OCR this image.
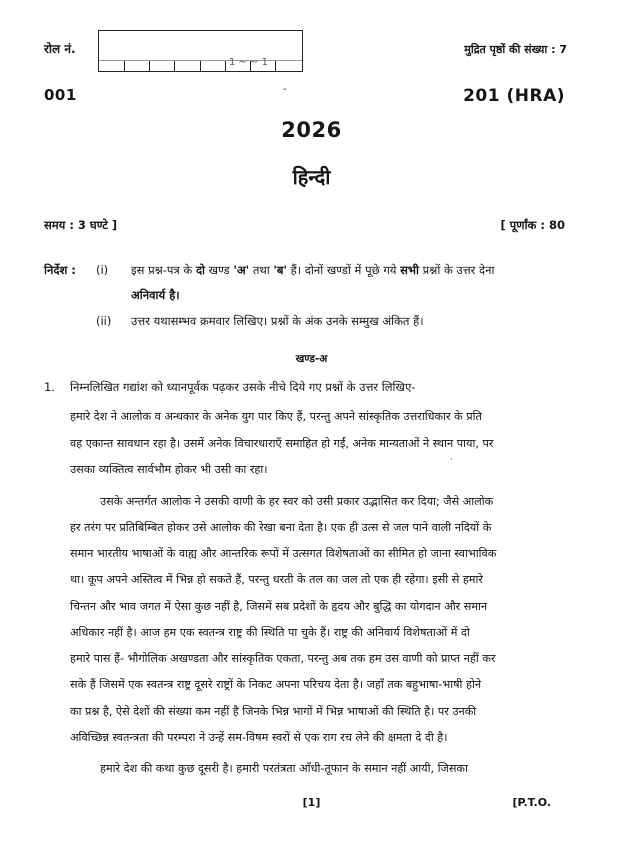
रोल नं.
1 ~ ~ 1
मुद्रित पृष्ठों की संख्या : 7
001	-	201 (HRA)
2026
हिन्दी
समय : 3 घण्टे ]	[ पूर्णांक : 80
निर्देश : (i) इस प्रश्न-पत्र के दो खण्ड 'अ' तथा 'ब' हैं। दोनों खण्डों में पूछे गये सभी प्रश्नों के उत्तर देना
अनिवार्य है।
(ii) उत्तर यथासम्भव क्रमवार लिखिए। प्रश्नों के अंक उनके सम्मुख अंकित हैं।
खण्ड-अ
1. निम्नलिखित गद्यांश को ध्यानपूर्वक पढ़कर उसके नीचे दिये गए प्रश्नों के उत्तर लिखिए-
·
हमारे देश ने आलोक व अन्धकार के अनेक युग पार किए हैं, परन्तु अपने सांस्कृतिक उत्तराधिकार के प्रति
वह एकान्त सावधान रहा है। उसमें अनेक विचारधाराएँ समाहित हो गईं, अनेक मान्यताओं ने स्थान पाया, पर
उसका व्यक्तित्व सार्वभौम होकर भी उसी का रहा।
उसके अन्तर्गत आलोक ने उसकी वाणी के हर स्वर को उसी प्रकार उद्भासित कर दिया; जैसे आलोक
हर तरंग पर प्रतिबिम्बित होकर उसे आलोक की रेखा बना देता है। एक ही उत्स से जल पाने वाली नदियों के
समान भारतीय भाषाओं के वाह्य और आन्तरिक रूपों में उत्सगत विशेषताओं का सीमित हो जाना स्वाभाविक
था। कूप अपने अस्तित्व में भिन्न हो सकते हैं, परन्तु धरती के तल का जल तो एक ही रहेगा। इसी से हमारे
चिन्तन और भाव जगत में ऐसा कुछ नहीं है, जिसमें सब प्रदेशों के हृदय और बुद्धि का योगदान और समान
अधिकार नहीं है। आज हम एक स्वतन्त्र राष्ट्र की स्थिति पा चुके हैं। राष्ट्र की अनिवार्य विशेषताओं में दो
हमारे पास हैं- भौगोलिक अखण्डता और सांस्कृतिक एकता, परन्तु अब तक हम उस वाणी को प्राप्त नहीं कर
सके हैं जिसमें एक स्वतन्त्र राष्ट्र दूसरे राष्ट्रों के निकट अपना परिचय देता है। जहाँ तक बहुभाषा-भाषी होने
का प्रश्न है, ऐसे देशों की संख्या कम नहीं है जिनके भिन्न भागों में भिन्न भाषाओं की स्थिति है। पर उनकी
अविच्छिन्न स्वतन्त्रता की परम्परा ने उन्हें सम-विषम स्वरों से एक राग रच लेने की क्षमता दे दी है।
हमारे देश की कथा कुछ दूसरी है। हमारी परतंत्रता आँधी-तूफान के समान नहीं आयी, जिसका
[1]	[P.T.O.
